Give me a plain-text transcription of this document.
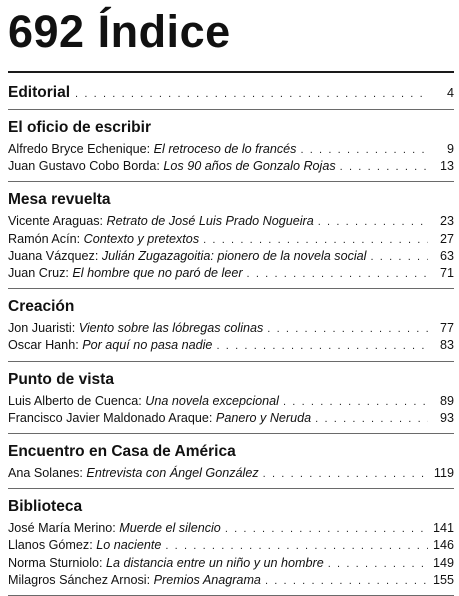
692 Índice
Editorial . . .	4
El oficio de escribir
Alfredo Bryce Echenique: El retroceso de lo francés . . .	9
Juan Gustavo Cobo Borda: Los 90 años de Gonzalo Rojas . . .	13
Mesa revuelta
Vicente Araguas: Retrato de José Luis Prado Nogueira . . .	23
Ramón Acín: Contexto y pretextos . . .	27
Juana Vázquez: Julián Zugazagoitia: pionero de la novela social . . .	63
Juan Cruz: El hombre que no paró de leer . . .	71
Creación
Jon Juaristi: Viento sobre las lóbregas colinas . . .	77
Oscar Hanh: Por aquí no pasa nadie . . .	83
Punto de vista
Luis Alberto de Cuenca: Una novela excepcional . . .	89
Francisco Javier Maldonado Araque: Panero y Neruda . . .	93
Encuentro en Casa de América
Ana Solanes: Entrevista con Ángel González . . .	119
Biblioteca
José María Merino: Muerde el silencio . . .	141
Llanos Gómez: Lo naciente . . .	146
Norma Sturniolo: La distancia entre un niño y un hombre . . .	149
Milagros Sánchez Arnosi: Premios Anagrama . . .	155
